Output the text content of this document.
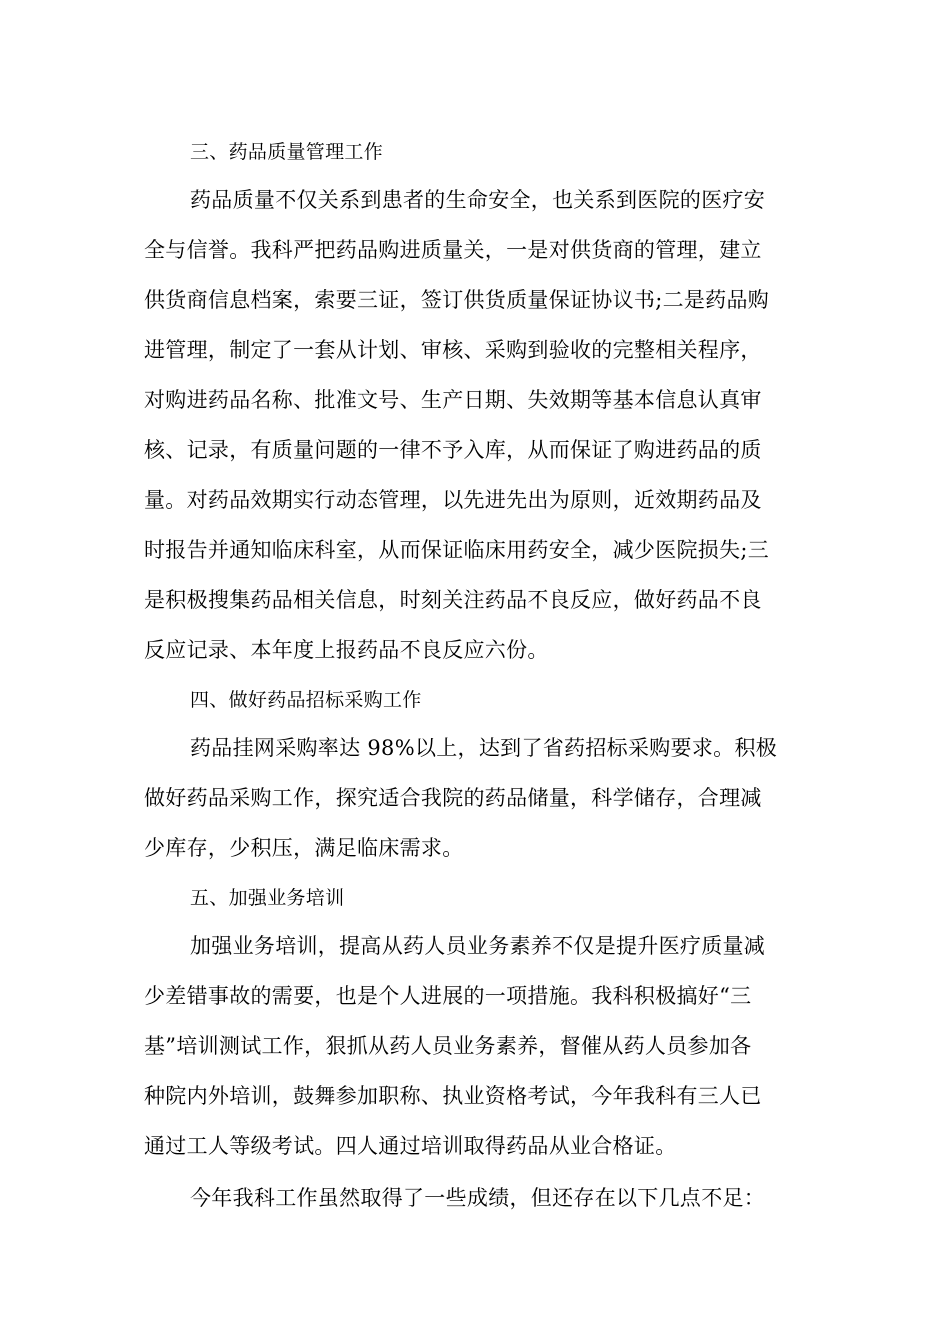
三、药品质量管理工作
药品质量不仅关系到患者的生命安全，也关系到医院的医疗安
全与信誉。我科严把药品购进质量关，一是对供货商的管理，建立
供货商信息档案，索要三证，签订供货质量保证协议书;二是药品购
进管理，制定了一套从计划、审核、采购到验收的完整相关程序，
对购进药品名称、批准文号、生产日期、失效期等基本信息认真审
核、记录，有质量问题的一律不予入库，从而保证了购进药品的质
量。对药品效期实行动态管理，以先进先出为原则，近效期药品及
时报告并通知临床科室，从而保证临床用药安全，减少医院损失;三
是积极搜集药品相关信息，时刻关注药品不良反应，做好药品不良
反应记录、本年度上报药品不良反应六份。
四、做好药品招标采购工作
药品挂网采购率达 98%以上，达到了省药招标采购要求。积极
做好药品采购工作，探究适合我院的药品储量，科学储存，合理减
少库存，少积压，满足临床需求。
五、加强业务培训
加强业务培训，提高从药人员业务素养不仅是提升医疗质量减
少差错事故的需要，也是个人进展的一项措施。我科积极搞好“三
基”培训测试工作，狠抓从药人员业务素养，督催从药人员参加各
种院内外培训，鼓舞参加职称、执业资格考试，今年我科有三人已
通过工人等级考试。四人通过培训取得药品从业合格证。
今年我科工作虽然取得了一些成绩，但还存在以下几点不足：
